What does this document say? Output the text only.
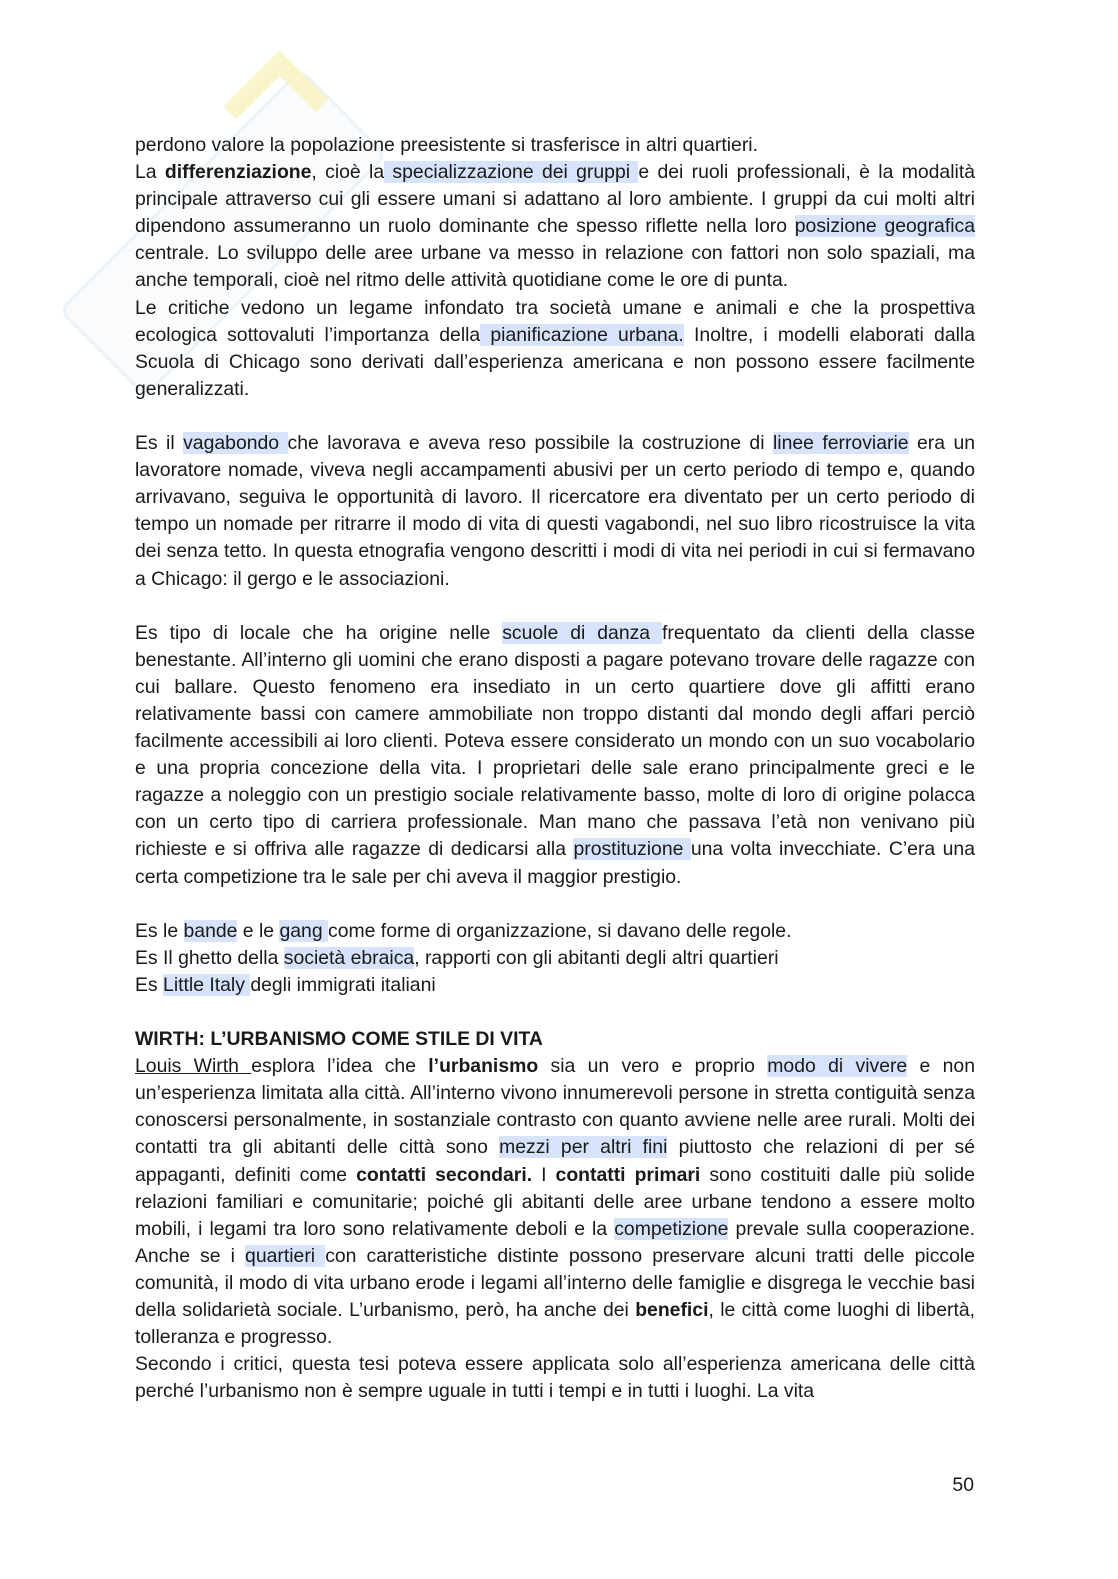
perdono valore la popolazione preesistente si trasferisce in altri quartieri.

La differenziazione, cioè la specializzazione dei gruppi e dei ruoli professionali, è la modalità principale attraverso cui gli essere umani si adattano al loro ambiente. I gruppi da cui molti altri dipendono assumeranno un ruolo dominante che spesso riflette nella loro posizione geografica centrale. Lo sviluppo delle aree urbane va messo in relazione con fattori non solo spaziali, ma anche temporali, cioè nel ritmo delle attività quotidiane come le ore di punta.

Le critiche vedono un legame infondato tra società umane e animali e che la prospettiva ecologica sottovaluti l’importanza della pianificazione urbana. Inoltre, i modelli elaborati dalla Scuola di Chicago sono derivati dall’esperienza americana e non possono essere facilmente generalizzati.

Es il vagabondo che lavorava e aveva reso possibile la costruzione di linee ferroviarie era un lavoratore nomade, viveva negli accampamenti abusivi per un certo periodo di tempo e, quando arrivavano, seguiva le opportunità di lavoro. Il ricercatore era diventato per un certo periodo di tempo un nomade per ritrarre il modo di vita di questi vagabondi, nel suo libro ricostruisce la vita dei senza tetto. In questa etnografia vengono descritti i modi di vita nei periodi in cui si fermavano a Chicago: il gergo e le associazioni.

Es tipo di locale che ha origine nelle scuole di danza frequentato da clienti della classe benestante. All’interno gli uomini che erano disposti a pagare potevano trovare delle ragazze con cui ballare. Questo fenomeno era insediato in un certo quartiere dove gli affitti erano relativamente bassi con camere ammobiliate non troppo distanti dal mondo degli affari perciò facilmente accessibili ai loro clienti. Poteva essere considerato un mondo con un suo vocabolario e una propria concezione della vita. I proprietari delle sale erano principalmente greci e le ragazze a noleggio con un prestigio sociale relativamente basso, molte di loro di origine polacca con un certo tipo di carriera professionale. Man mano che passava l’età non venivano più richieste e si offriva alle ragazze di dedicarsi alla prostituzione una volta invecchiate. C’era una certa competizione tra le sale per chi aveva il maggior prestigio.

Es le bande e le gang come forme di organizzazione, si davano delle regole.

Es Il ghetto della società ebraica, rapporti con gli abitanti degli altri quartieri

Es Little Italy degli immigrati italiani

WIRTH: L’URBANISMO COME STILE DI VITA

Louis Wirth esplora l’idea che l’urbanismo sia un vero e proprio modo di vivere e non un’esperienza limitata alla città. All’interno vivono innumerevoli persone in stretta contiguità senza conoscersi personalmente, in sostanziale contrasto con quanto avviene nelle aree rurali. Molti dei contatti tra gli abitanti delle città sono mezzi per altri fini piuttosto che relazioni di per sé appaganti, definiti come contatti secondari. I contatti primari sono costituiti dalle più solide relazioni familiari e comunitarie; poiché gli abitanti delle aree urbane tendono a essere molto mobili, i legami tra loro sono relativamente deboli e la competizione prevale sulla cooperazione. Anche se i quartieri con caratteristiche distinte possono preservare alcuni tratti delle piccole comunità, il modo di vita urbano erode i legami all’interno delle famiglie e disgrega le vecchie basi della solidarietà sociale. L’urbanismo, però, ha anche dei benefici, le città come luoghi di libertà, tolleranza e progresso.

Secondo i critici, questa tesi poteva essere applicata solo all’esperienza americana delle città perché l’urbanismo non è sempre uguale in tutti i tempi e in tutti i luoghi. La vita

50
